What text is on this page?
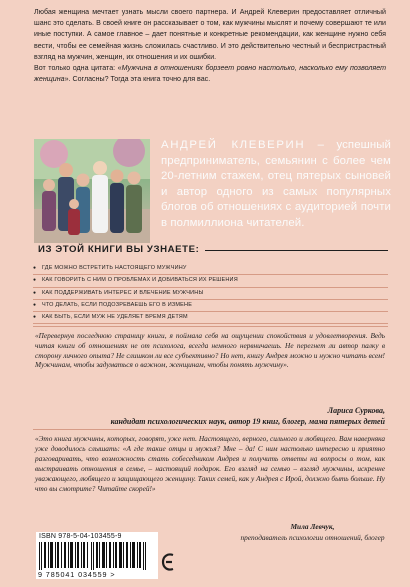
Любая женщина мечтает узнать мысли своего партнера. И Андрей Клеверин предоставляет отличный шанс это сделать. В своей книге он рассказывает о том, как мужчины мыслят и почему совершают те или иные поступки. А самое главное – дает понятные и конкретные рекомендации, как женщине нужно себя вести, чтобы ее семейная жизнь сложилась счастливо. И это действительно честный и беспристрастный взгляд на мужчин, женщин, их отношения и их ошибки.

Вот только одна цитата: «Мужчина в отношениях борзеет ровно настолько, насколько ему позволяет женщина». Согласны? Тогда эта книга точно для вас.

АНДРЕЙ КЛЕВЕРИН – успешный предприниматель, семьянин с более чем 20-летним стажем, отец пятерых сыновей и автор одного из самых популярных блогов об отношениях с аудиторией почти в полмиллиона читателей.
ИЗ ЭТОЙ КНИГИ ВЫ УЗНАЕТЕ:
● ГДЕ МОЖНО ВСТРЕТИТЬ НАСТОЯЩЕГО МУЖЧИНУ
● КАК ГОВОРИТЬ С НИМ О ПРОБЛЕМАХ И ДОБИВАТЬСЯ ИХ РЕШЕНИЯ
● КАК ПОДДЕРЖИВАТЬ ИНТЕРЕС И ВЛЕЧЕНИЕ МУЖЧИНЫ
● ЧТО ДЕЛАТЬ, ЕСЛИ ПОДОЗРЕВАЕШЬ ЕГО В ИЗМЕНЕ
● КАК БЫТЬ, ЕСЛИ МУЖ НЕ УДЕЛЯЕТ ВРЕМЯ ДЕТЯМ
«Перевернув последнюю страницу книги, я поймала себя на ощущении спокойствия и удовлетворения. Ведь читая книги об отношениях не от психолога, всегда немного нервничаешь. Не перегнет ли автор палку в сторону личного опыта? Не слишком ли все субъективно? Но нет, книгу Андрея можно и нужно читать всем! Мужчинам, чтобы задуматься о важном, женщинам, чтобы понять мужчину».
Лариса Суркова,
кандидат психологических наук, автор 19 книг, блогер, мама пятерых детей
«Это книга мужчины, которых, говорят, уже нет. Настоящего, верного, сильного и любящего. Вам наверняка уже доводилось слышать: «А где такие отцы и мужья? Мне – да! С ним настолько интересно и приятно разговаривать, что возможность стать собеседником Андрея и получить ответы на вопросы о том, как выстраивать отношения в семье, – настоящий подарок. Его взгляд на семью – взгляд мужчины, искренне уважающего, любящего и защищающего женщину. Таких семей, как у Андрея с Ирой, должно быть больше. Ну что вы смотрите? Читайте скорей!»
Мила Левчук,
преподаватель психологии отношений, блогер
ISBN 978-5-04-103455-9
9 785041 034559 >
